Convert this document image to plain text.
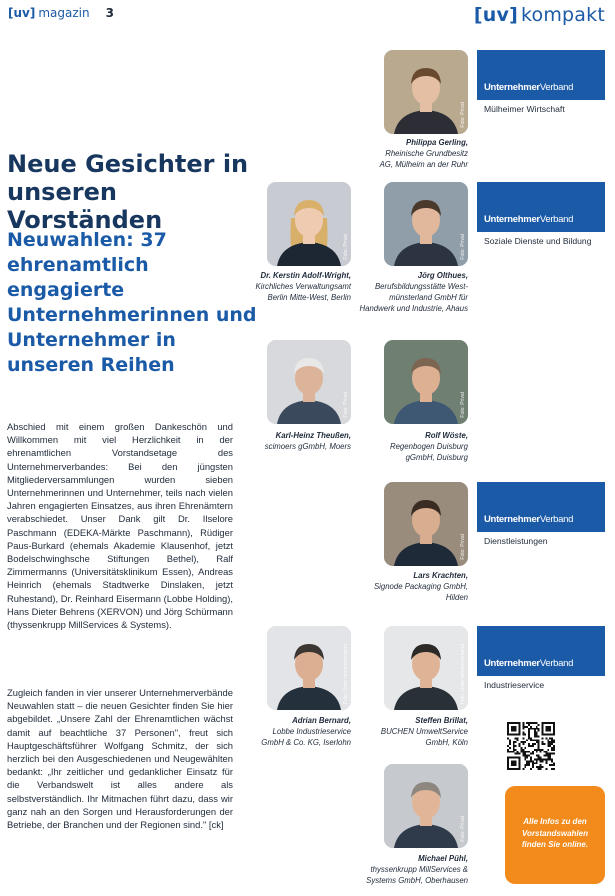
[uv] magazin 3	[uv] kompakt
Neue Gesichter in unseren Vorständen
Neuwahlen: 37 ehrenamtlich engagierte Unternehmerinnen und Unternehmer in unseren Reihen

Abschied mit einem großen Dankeschön und Willkommen mit viel Herzlichkeit in der ehrenamtlichen Vorstandsetage des Unternehmerverbandes: Bei den jüngsten Mitgliederversammlungen wurden sieben Unternehmerinnen und Unternehmer, teils nach vielen Jahren engagierten Einsatzes, aus ihren Ehrenämtern verabschiedet. Unser Dank gilt Dr. Ilselore Paschmann (EDEKA-Märkte Paschmann), Rüdiger Paus-Burkard (ehemals Akademie Klausenhof, jetzt Bodelschwinghsche Stiftungen Bethel), Ralf Zimmermanns (Universitätsklinikum Essen), Andreas Heinrich (ehemals Stadtwerke Dinslaken, jetzt Ruhestand), Dr. Reinhard Eisermann (Lobbe Holding), Hans Dieter Behrens (XERVON) und Jörg Schürmann (thyssenkrupp MillServices & Systems).

Zugleich fanden in vier unserer Unternehmerverbände Neuwahlen statt – die neuen Gesichter finden Sie hier abgebildet. „Unsere Zahl der Ehrenamtlichen wächst damit auf beachtliche 37 Personen", freut sich Hauptgeschäftsführer Wolfgang Schmitz, der sich herzlich bei den Ausgeschiedenen und Neugewählten bedankt: „Ihr zeitlicher und gedanklicher Einsatz für die Verbandswelt ist alles andere als selbstverständlich. Ihr Mitmachen führt dazu, dass wir ganz nah an den Sorgen und Herausforderungen der Betriebe, der Branchen und der Regionen sind." [ck]

UnternehmerVerband
Mülheimer Wirtschaft
UnternehmerVerband
Soziale Dienste und Bildung
UnternehmerVerband
Dienstleistungen
UnternehmerVerband
Industrieservice
Foto: Privat
Philippa Gerling,
Rheinische Grundbesitz
AG, Mülheim an der Ruhr
Foto: Privat
Dr. Kerstin Adolf-Wright,
Kirchliches Verwaltungsamt
Berlin Mitte-West, Berlin
Foto: Privat
Jörg Olthues,
Berufsbildungsstätte West-
münsterland GmbH für
Handwerk und Industrie, Ahaus
Foto: Privat
Karl-Heinz Theußen,
scimoers gGmbH, Moers
Foto: Privat
Rolf Wöste,
Regenbogen Duisburg
gGmbH, Duisburg
Foto: Privat
Lars Krachten,
Signode Packaging GmbH,
Hilden
Foto: Unternehmerverband
Adrian Bernard,
Lobbe Industrieservice
GmbH & Co. KG, Iserlohn
Foto: Unternehmerverband
Steffen Brillat,
BUCHEN UmweltService
GmbH, Köln
Foto: Privat
Michael Pühl,
thyssenkrupp MillServices &
Systems GmbH, Oberhausen
Alle Infos zu den Vorstandswahlen finden Sie online.
